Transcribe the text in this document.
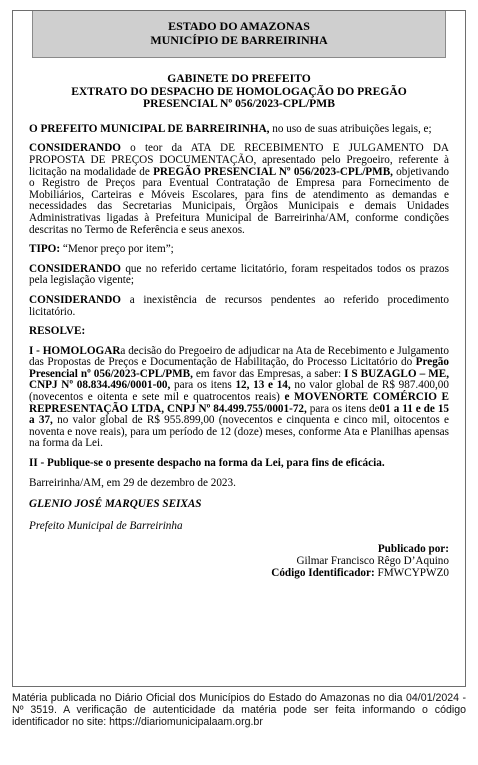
ESTADO DO AMAZONAS
MUNICÍPIO DE BARREIRINHA
GABINETE DO PREFEITO
EXTRATO DO DESPACHO DE HOMOLOGAÇÃO DO PREGÃO
PRESENCIAL Nº 056/2023-CPL/PMB
O PREFEITO MUNICIPAL DE BARREIRINHA, no uso de suas atribuições legais, e;
CONSIDERANDO o teor da ATA DE RECEBIMENTO E JULGAMENTO DA PROPOSTA DE PREÇOS DOCUMENTAÇÃO, apresentado pelo Pregoeiro, referente à licitação na modalidade de PREGÃO PRESENCIAL Nº 056/2023-CPL/PMB, objetivando o Registro de Preços para Eventual Contratação de Empresa para Fornecimento de Mobiliários, Carteiras e Móveis Escolares, para fins de atendimento as demandas e necessidades das Secretarias Municipais, Órgãos Municipais e demais Unidades Administrativas ligadas à Prefeitura Municipal de Barreirinha/AM, conforme condições descritas no Termo de Referência e seus anexos.
TIPO: “Menor preço por item”;
CONSIDERANDO que no referido certame licitatório, foram respeitados todos os prazos pela legislação vigente;
CONSIDERANDO a inexistência de recursos pendentes ao referido procedimento licitatório.
RESOLVE:
I - HOMOLOGARa decisão do Pregoeiro de adjudicar na Ata de Recebimento e Julgamento das Propostas de Preços e Documentação de Habilitação, do Processo Licitatório do Pregão Presencial nº 056/2023-CPL/PMB, em favor das Empresas, a saber: I S BUZAGLO – ME, CNPJ Nº 08.834.496/0001-00, para os itens 12, 13 e 14, no valor global de R$ 987.400,00 (novecentos e oitenta e sete mil e quatrocentos reais) e MOVENORTE COMÉRCIO E REPRESENTAÇÃO LTDA, CNPJ Nº 84.499.755/0001-72, para os itens de01 a 11 e de 15 a 37, no valor global de R$ 955.899,00 (novecentos e cinquenta e cinco mil, oitocentos e noventa e nove reais), para um período de 12 (doze) meses, conforme Ata e Planilhas apensas na forma da Lei.
II - Publique-se o presente despacho na forma da Lei, para fins de eficácia.
Barreirinha/AM, em 29 de dezembro de 2023.
GLENIO JOSÉ MARQUES SEIXAS
Prefeito Municipal de Barreirinha
Publicado por:
Gilmar Francisco Rêgo D’Aquino
Código Identificador: FMWCYPWZ0
Matéria publicada no Diário Oficial dos Municípios do Estado do Amazonas no dia 04/01/2024 - Nº 3519. A verificação de autenticidade da matéria pode ser feita informando o código identificador no site: https://diariomunicipalaam.org.br
